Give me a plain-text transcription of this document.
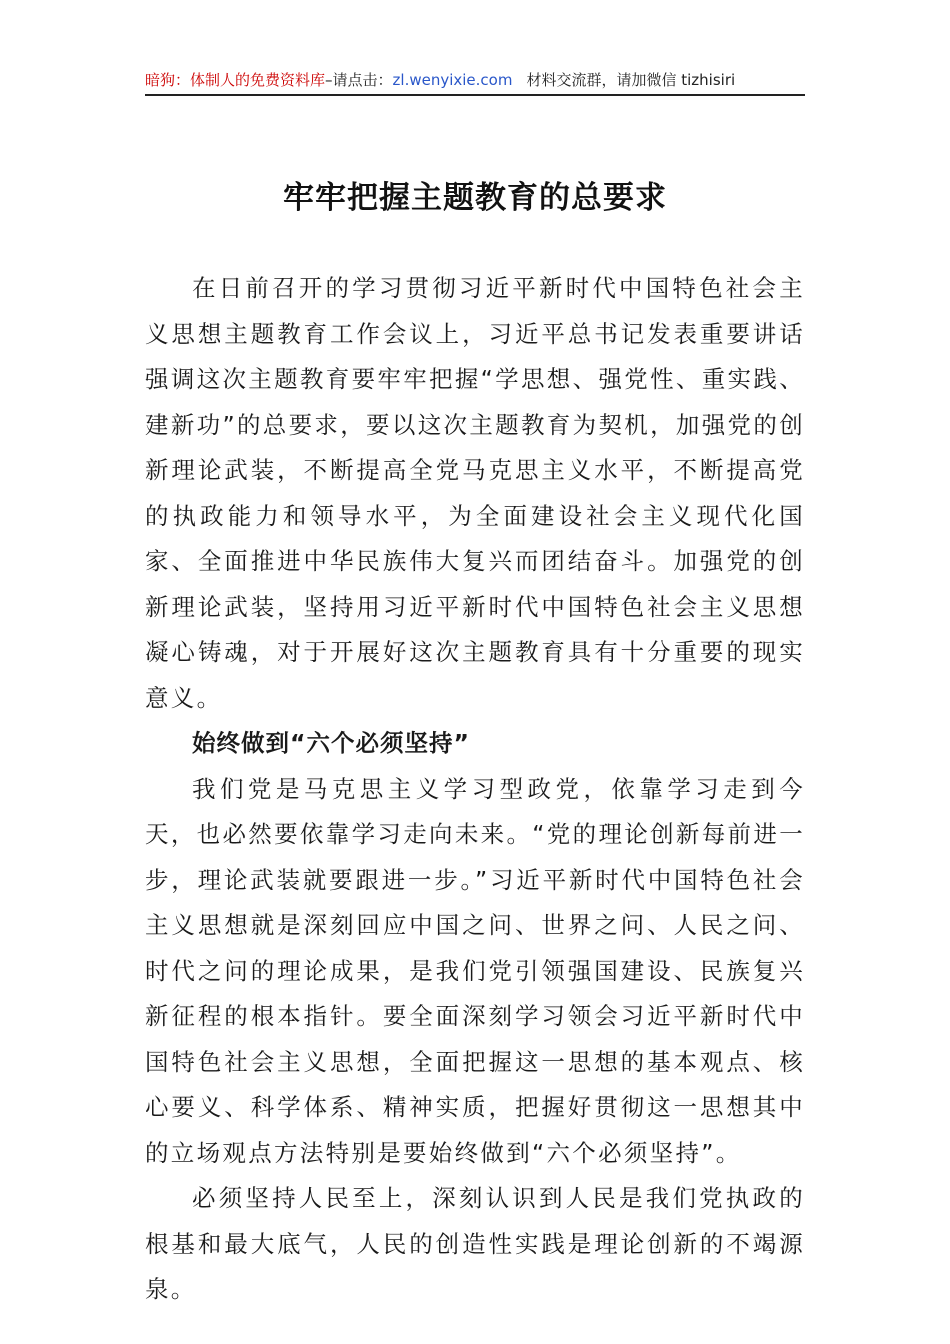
暗狗：体制人的免费资料库–请点击：zl.wenyixie.com 材料交流群，请加微信 tizhisiri
牢牢把握主题教育的总要求

在日前召开的学习贯彻习近平新时代中国特色社会主义思想主题教育工作会议上，习近平总书记发表重要讲话强调这次主题教育要牢牢把握“学思想、强党性、重实践、建新功”的总要求，要以这次主题教育为契机，加强党的创新理论武装，不断提高全党马克思主义水平，不断提高党的执政能力和领导水平，为全面建设社会主义现代化国家、全面推进中华民族伟大复兴而团结奋斗。加强党的创新理论武装，坚持用习近平新时代中国特色社会主义思想凝心铸魂，对于开展好这次主题教育具有十分重要的现实意义。

始终做到“六个必须坚持”

我们党是马克思主义学习型政党，依靠学习走到今天，也必然要依靠学习走向未来。“党的理论创新每前进一步，理论武装就要跟进一步。”习近平新时代中国特色社会主义思想就是深刻回应中国之问、世界之问、人民之问、时代之问的理论成果，是我们党引领强国建设、民族复兴新征程的根本指针。要全面深刻学习领会习近平新时代中国特色社会主义思想，全面把握这一思想的基本观点、核心要义、科学体系、精神实质，把握好贯彻这一思想其中的立场观点方法特别是要始终做到“六个必须坚持”。

必须坚持人民至上，深刻认识到人民是我们党执政的根基和最大底气，人民的创造性实践是理论创新的不竭源泉。
